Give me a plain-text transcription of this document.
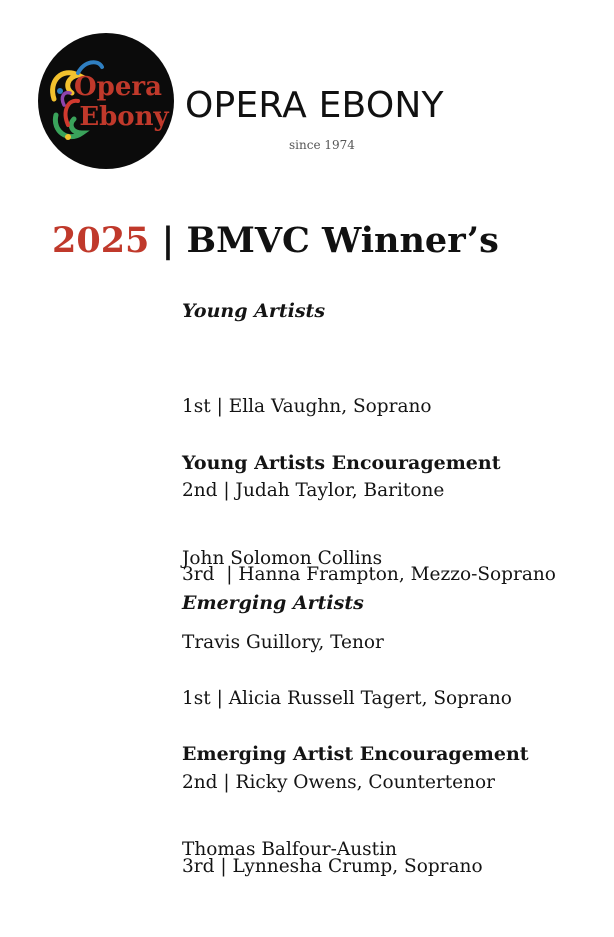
Opera
Ebony OPERA EBONY
since 1974
2025 | BMVC Winner’s
Young Artists

1st | Ella Vaughn, Soprano

2nd | Judah Taylor, Baritone

3rd  | Hanna Frampton, Mezzo-Soprano

Young Artists Encouragement

John Solomon Collins

Travis Guillory, Tenor

Emerging Artists

1st | Alicia Russell Tagert, Soprano

2nd | Ricky Owens, Countertenor

3rd | Lynnesha Crump, Soprano

Emerging Artist Encouragement

Thomas Balfour-Austin
